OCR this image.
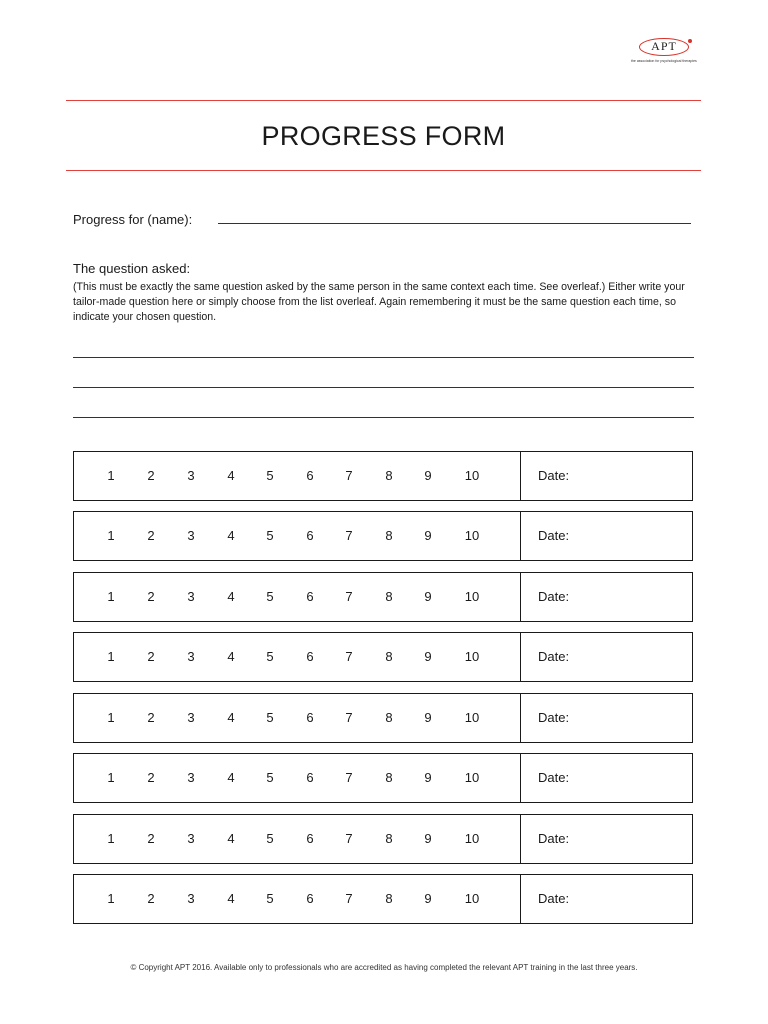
APT
the association for psychological therapies
PROGRESS FORM
Progress for (name):
The question asked:
(This must be exactly the same question asked by the same person in the same context each time. See overleaf.) Either write your tailor-made question here or simply choose from the list overleaf. Again remembering it must be the same question each time, so indicate your chosen question.
1	2	3	4 5	6 7	8 9	10	Date:
1	2	3	4 5	6 7	8 9	10	Date:
1	2	3	4 5	6 7	8 9	10	Date:
1	2	3	4 5	6 7	8 9	10	Date:
1	2	3	4 5	6 7	8 9	10	Date:
1	2	3	4 5	6 7	8 9	10	Date:
1	2	3	4 5	6 7	8 9	10	Date:
1	2	3	4 5	6 7	8 9	10	Date:
© Copyright APT 2016. Available only to professionals who are accredited as having completed the relevant APT training in the last three years.
